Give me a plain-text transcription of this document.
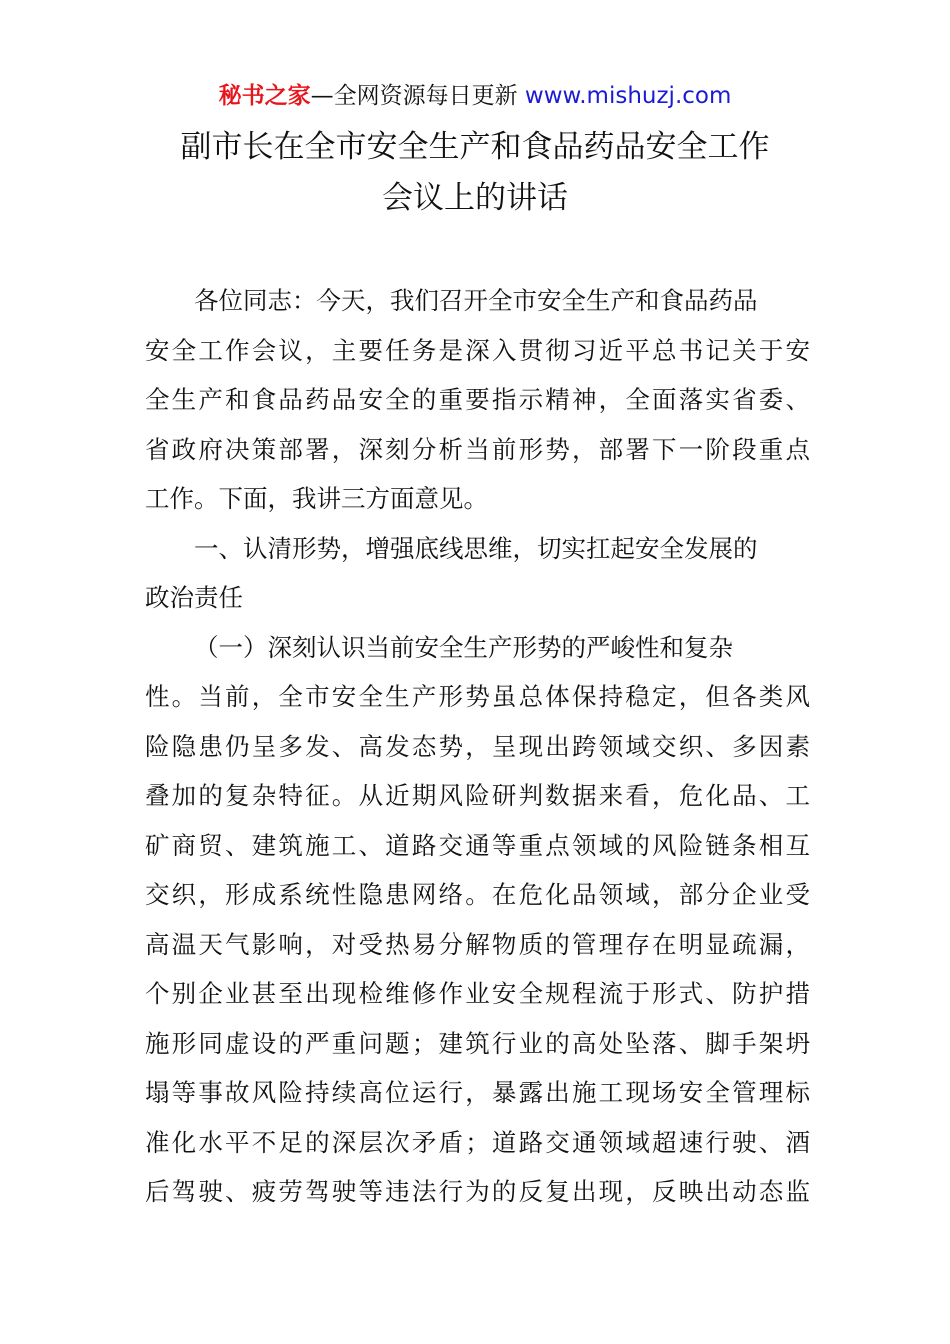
秘书之家—全网资源每日更新 www.mishuzj.com
副市长在全市安全生产和食品药品安全工作
会议上的讲话
各位同志：今天，我们召开全市安全生产和食品药品
安全工作会议，主要任务是深入贯彻习近平总书记关于安
全生产和食品药品安全的重要指示精神，全面落实省委、
省政府决策部署，深刻分析当前形势，部署下一阶段重点
工作。下面，我讲三方面意见。
一、认清形势，增强底线思维，切实扛起安全发展的
政治责任
（一）深刻认识当前安全生产形势的严峻性和复杂
性。当前，全市安全生产形势虽总体保持稳定，但各类风
险隐患仍呈多发、高发态势，呈现出跨领域交织、多因素
叠加的复杂特征。从近期风险研判数据来看，危化品、工
矿商贸、建筑施工、道路交通等重点领域的风险链条相互
交织，形成系统性隐患网络。在危化品领域，部分企业受
高温天气影响，对受热易分解物质的管理存在明显疏漏，
个别企业甚至出现检维修作业安全规程流于形式、防护措
施形同虚设的严重问题；建筑行业的高处坠落、脚手架坍
塌等事故风险持续高位运行，暴露出施工现场安全管理标
准化水平不足的深层次矛盾；道路交通领域超速行驶、酒
后驾驶、疲劳驾驶等违法行为的反复出现，反映出动态监
